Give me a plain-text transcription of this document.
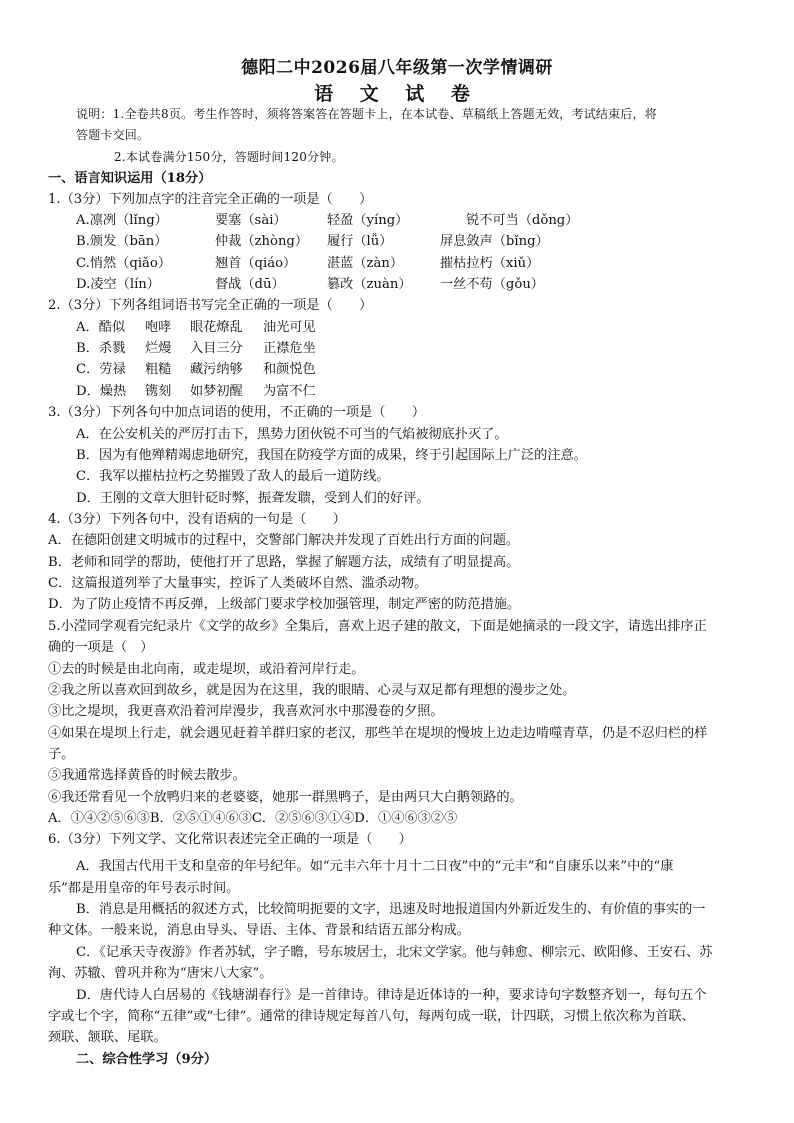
德阳二中2026届八年级第一次学情调研
语 文 试 卷
说明：1.全卷共8页。考生作答时，须将答案答在答题卡上，在本试卷、草稿纸上答题无效，考试结束后，将
答题卡交回。
2.本试卷满分150分，答题时间120分钟。
一、语言知识运用（18分）
1.（3分）下列加点字的注音完全正确的一项是（　　）
A.凛冽（lǐng）	要塞（sài）	轻盈（yíng）	锐不可当（dǒng）
B.颁发（bān）	仲裁（zhòng） 履行（lǚ）	屏息敛声（bǐng）
C.悄然（qiǎo）	翘首（qiáo） 湛蓝（zàn）	摧枯拉朽（xiǔ）
D.凌空（lín）	督战（dū）	篡改（zuàn） 一丝不苟（gǒu）
2.（3分）下列各组词语书写完全正确的一项是（　　）
A．酷似 咆哮 眼花燎乱 油光可见
B．杀戮 烂熳 入目三分 正襟危坐
C．劳禄 粗糙 藏污纳够 和颜悦色
D．燥热 镌刻 如梦初醒 为富不仁
3.（3分）下列各句中加点词语的使用，不正确的一项是（　　）
A．在公安机关的严厉打击下，黑势力团伙锐不可当的气焰被彻底扑灭了。
B．因为有他殚精竭虑地研究，我国在防疫学方面的成果，终于引起国际上广泛的注意。
C．我军以摧枯拉朽之势摧毁了敌人的最后一道防线。
D．王刚的文章大胆针砭时弊，振聋发聩，受到人们的好评。
4.（3分）下列各句中，没有语病的一句是（　　）
A．在德阳创建文明城市的过程中，交警部门解决并发现了百姓出行方面的问题。
B．老师和同学的帮助，使他打开了思路，掌握了解题方法，成绩有了明显提高。
C．这篇报道列举了大量事实，控诉了人类破坏自然、滥杀动物。
D．为了防止疫情不再反弹，上级部门要求学校加强管理，制定严密的防范措施。
5.小滢同学观看完纪录片《文学的故乡》全集后，喜欢上迟子建的散文，下面是她摘录的一段文字，请选出排序正
确的一项是（　）
①去的时候是由北向南，或走堤坝，或沿着河岸行走。
②我之所以喜欢回到故乡，就是因为在这里，我的眼睛、心灵与双足都有理想的漫步之处。
③比之堤坝，我更喜欢沿着河岸漫步，我喜欢河水中那漫卷的夕照。
④如果在堤坝上行走，就会遇见赶着羊群归家的老汉，那些羊在堤坝的慢坡上边走边啃噬青草，仍是不忍归栏的样
子。
⑤我通常选择黄昏的时候去散步。
⑥我还常看见一个放鸭归来的老婆婆，她那一群黑鸭子，是由两只大白鹅领路的。
A．①④②⑤⑥③B．②⑤①④⑥③C．②⑤⑥③①④D．①④⑥③②⑤
6.（3分）下列文学、文化常识表述完全正确的一项是（　　）
A．我国古代用干支和皇帝的年号纪年。如“元丰六年十月十二日夜”中的“元丰”和“自康乐以来”中的“康
乐”都是用皇帝的年号表示时间。
B．消息是用概括的叙述方式，比较简明扼要的文字，迅速及时地报道国内外新近发生的、有价值的事实的一
种文体。一般来说，消息由导头、导语、主体、背景和结语五部分构成。
C．《记承天寺夜游》作者苏轼，字子瞻，号东坡居士，北宋文学家。他与韩愈、柳宗元、欧阳修、王安石、苏
洵、苏辙、曾巩并称为“唐宋八大家”。
D．唐代诗人白居易的《钱塘湖春行》是一首律诗。律诗是近体诗的一种，要求诗句字数整齐划一，每句五个
字或七个字，简称“五律”或“七律”。通常的律诗规定每首八句，每两句成一联，计四联，习惯上依次称为首联、
颈联、颔联、尾联。
二、综合性学习（9分）
